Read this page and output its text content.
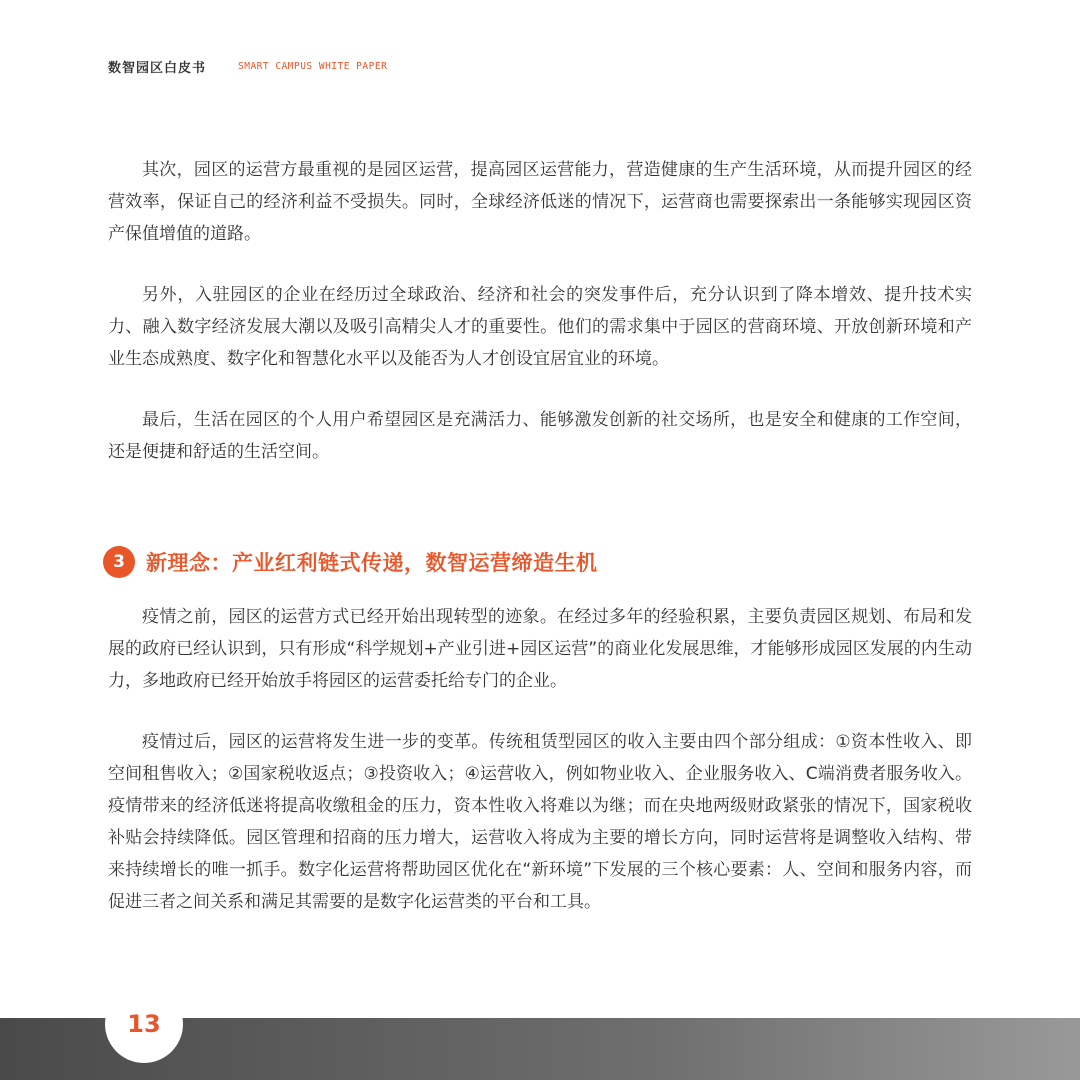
数智园区白皮书	SMART CAMPUS WHITE PAPER

其次，园区的运营方最重视的是园区运营，提高园区运营能力，营造健康的生产生活环境，从而提升园区的经营效率，保证自己的经济利益不受损失。同时，全球经济低迷的情况下，运营商也需要探索出一条能够实现园区资产保值增值的道路。

另外，入驻园区的企业在经历过全球政治、经济和社会的突发事件后，充分认识到了降本增效、提升技术实力、融入数字经济发展大潮以及吸引高精尖人才的重要性。他们的需求集中于园区的营商环境、开放创新环境和产业生态成熟度、数字化和智慧化水平以及能否为人才创设宜居宜业的环境。

最后，生活在园区的个人用户希望园区是充满活力、能够激发创新的社交场所，也是安全和健康的工作空间，还是便捷和舒适的生活空间。

3	新理念：产业红利链式传递，数智运营缔造生机

疫情之前，园区的运营方式已经开始出现转型的迹象。在经过多年的经验积累，主要负责园区规划、布局和发展的政府已经认识到，只有形成“科学规划+产业引进+园区运营”的商业化发展思维，才能够形成园区发展的内生动力，多地政府已经开始放手将园区的运营委托给专门的企业。

疫情过后，园区的运营将发生进一步的变革。传统租赁型园区的收入主要由四个部分组成：①资本性收入、即空间租售收入；②国家税收返点；③投资收入；④运营收入，例如物业收入、企业服务收入、C端消费者服务收入。疫情带来的经济低迷将提高收缴租金的压力，资本性收入将难以为继；而在央地两级财政紧张的情况下，国家税收补贴会持续降低。园区管理和招商的压力增大，运营收入将成为主要的增长方向，同时运营将是调整收入结构、带来持续增长的唯一抓手。数字化运营将帮助园区优化在“新环境”下发展的三个核心要素：人、空间和服务内容，而促进三者之间关系和满足其需要的是数字化运营类的平台和工具。

13
